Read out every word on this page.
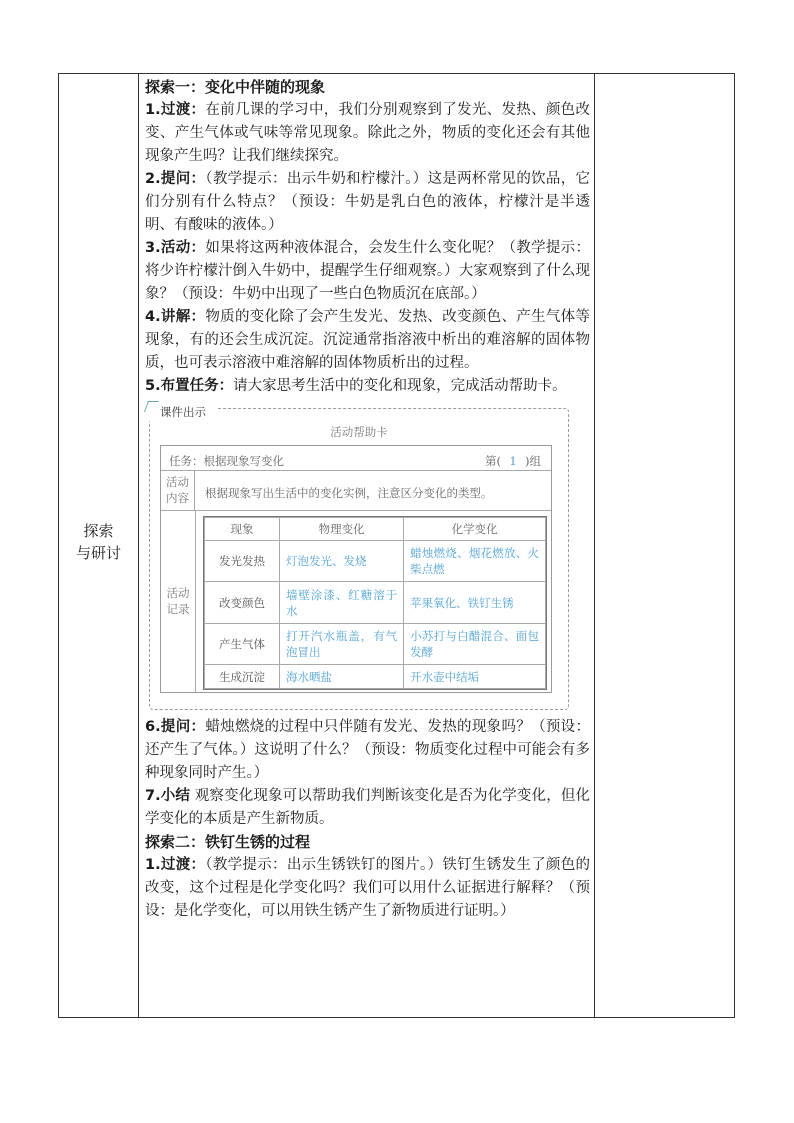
探索
与研讨

探索一：变化中伴随的现象

1.过渡：在前几课的学习中，我们分别观察到了发光、发热、颜色改变、产生气体或气味等常见现象。除此之外，物质的变化还会有其他现象产生吗？让我们继续探究。

2.提问：（教学提示：出示牛奶和柠檬汁。）这是两杯常见的饮品，它们分别有什么特点？（预设：牛奶是乳白色的液体，柠檬汁是半透明、有酸味的液体。）

3.活动：如果将这两种液体混合，会发生什么变化呢？（教学提示：将少许柠檬汁倒入牛奶中，提醒学生仔细观察。）大家观察到了什么现象？（预设：牛奶中出现了一些白色物质沉在底部。）

4.讲解：物质的变化除了会产生发光、发热、改变颜色、产生气体等现象，有的还会生成沉淀。沉淀通常指溶液中析出的难溶解的固体物质，也可表示溶液中难溶解的固体物质析出的过程。

5.布置任务：请大家思考生活中的变化和现象，完成活动帮助卡。

课件出示
活动帮助卡
任务：根据现象写变化	第( 1 )组
活动内容	根据现象写出生活中的变化实例，注意区分变化的类型。
活动记录
现象	物理变化	化学变化
发光发热	灯泡发光、发烧	蜡烛燃烧、烟花燃放、火柴点燃
改变颜色	墙壁涂漆、红糖溶于水	苹果氧化、铁钉生锈
产生气体	打开汽水瓶盖，有气泡冒出	小苏打与白醋混合、面包发酵
生成沉淀	海水晒盐	开水壶中结垢

6.提问：蜡烛燃烧的过程中只伴随有发光、发热的现象吗？（预设：还产生了气体。）这说明了什么？（预设：物质变化过程中可能会有多种现象同时产生。）

7.小结 观察变化现象可以帮助我们判断该变化是否为化学变化，但化学变化的本质是产生新物质。

探索二：铁钉生锈的过程

1.过渡：（教学提示：出示生锈铁钉的图片。）铁钉生锈发生了颜色的改变，这个过程是化学变化吗？我们可以用什么证据进行解释？（预设：是化学变化，可以用铁生锈产生了新物质进行证明。）
